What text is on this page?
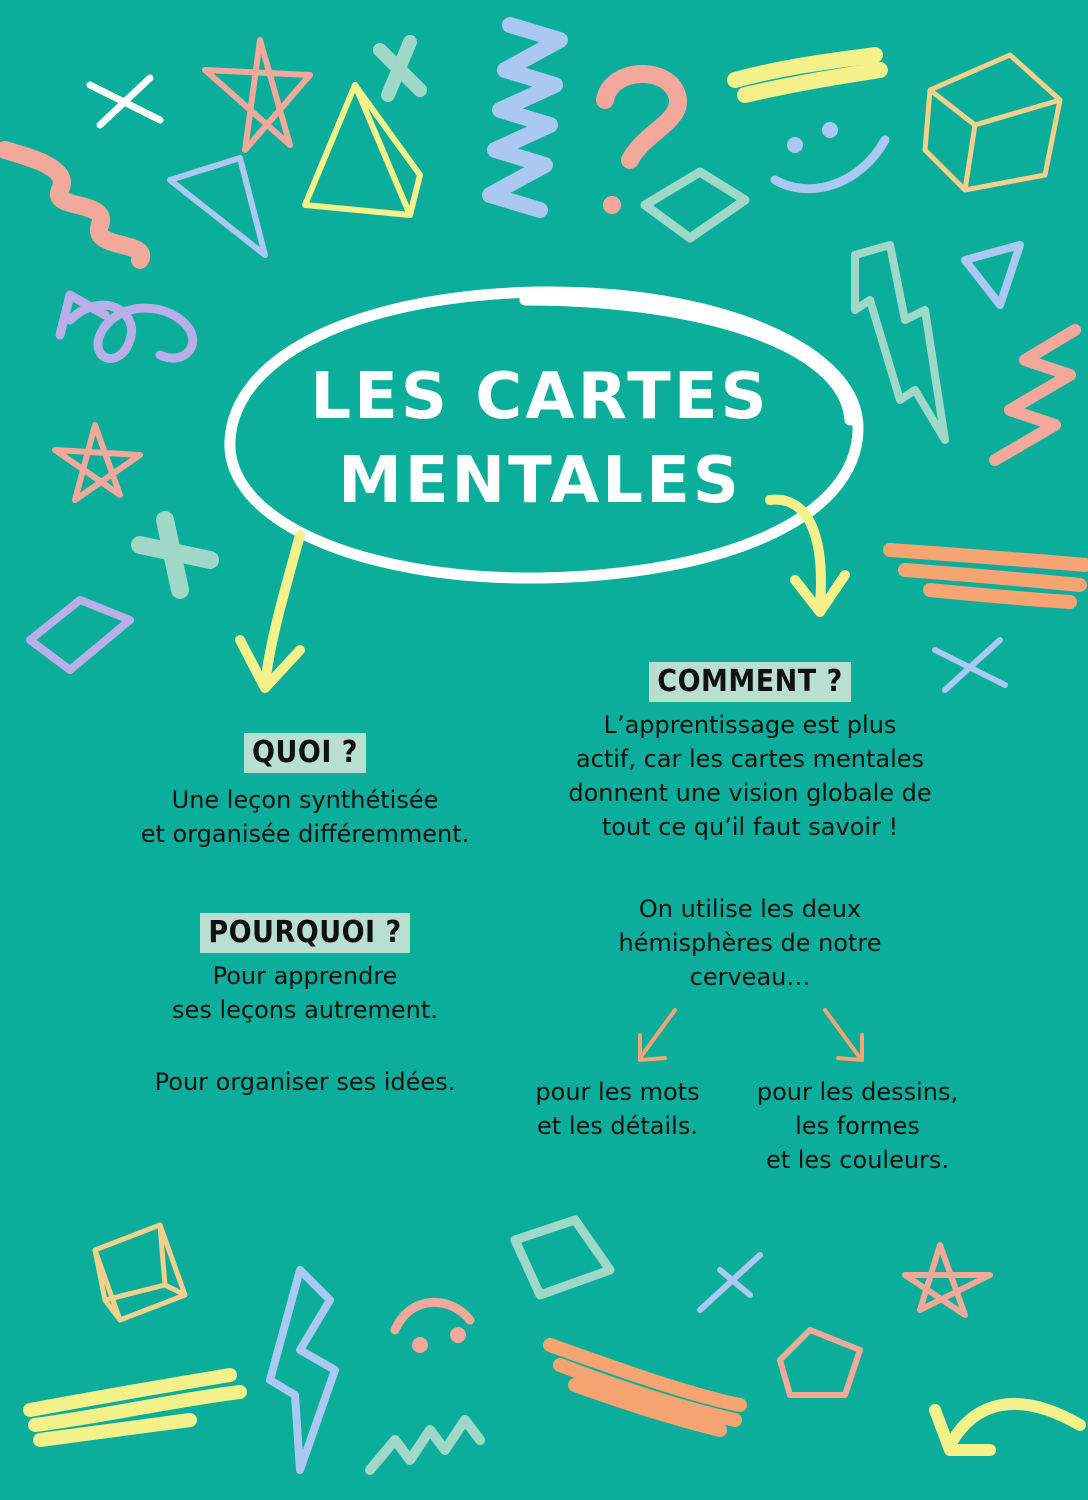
LES CARTES
MENTALES
QUOI ?

Une leçon synthétisée
et organisée différemment.

POURQUOI ?

Pour apprendre
ses leçons autrement.

Pour organiser ses idées.

COMMENT ?

L’apprentissage est plus
actif, car les cartes mentales
donnent une vision globale de
tout ce qu’il faut savoir !

On utilise les deux
hémisphères de notre
cerveau…

pour les mots
et les détails.

pour les dessins,
les formes
et les couleurs.
